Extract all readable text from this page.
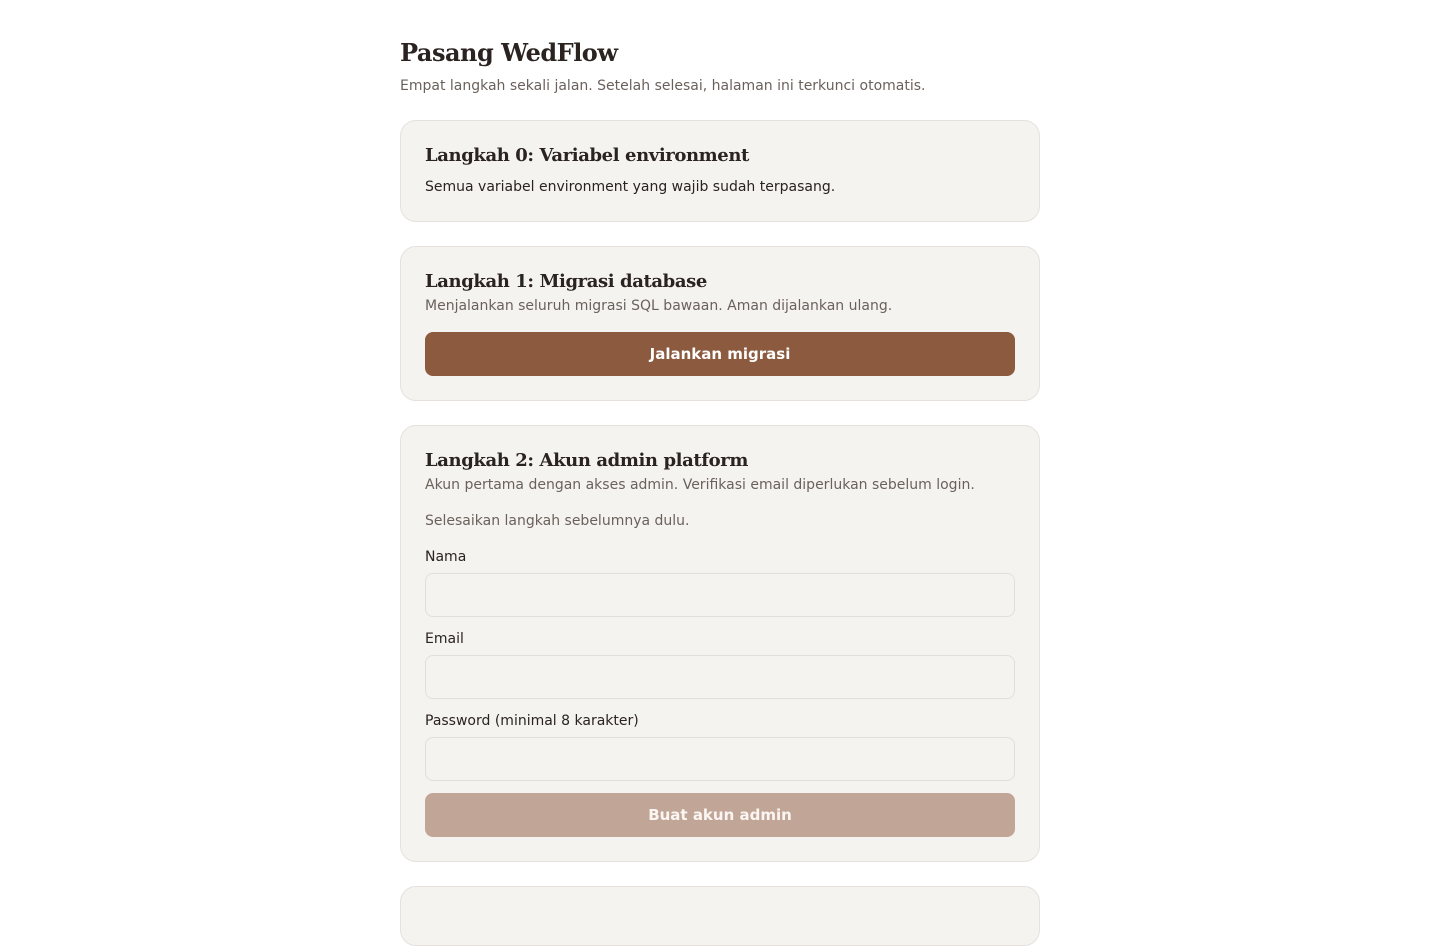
Pasang WedFlow

Empat langkah sekali jalan. Setelah selesai, halaman ini terkunci otomatis.

Langkah 0: Variabel environment

Semua variabel environment yang wajib sudah terpasang.

Langkah 1: Migrasi database

Menjalankan seluruh migrasi SQL bawaan. Aman dijalankan ulang.

Jalankan migrasi
Langkah 2: Akun admin platform

Akun pertama dengan akses admin. Verifikasi email diperlukan sebelum login.

Selesaikan langkah sebelumnya dulu.

Nama
Email
Password (minimal 8 karakter)
Buat akun admin
